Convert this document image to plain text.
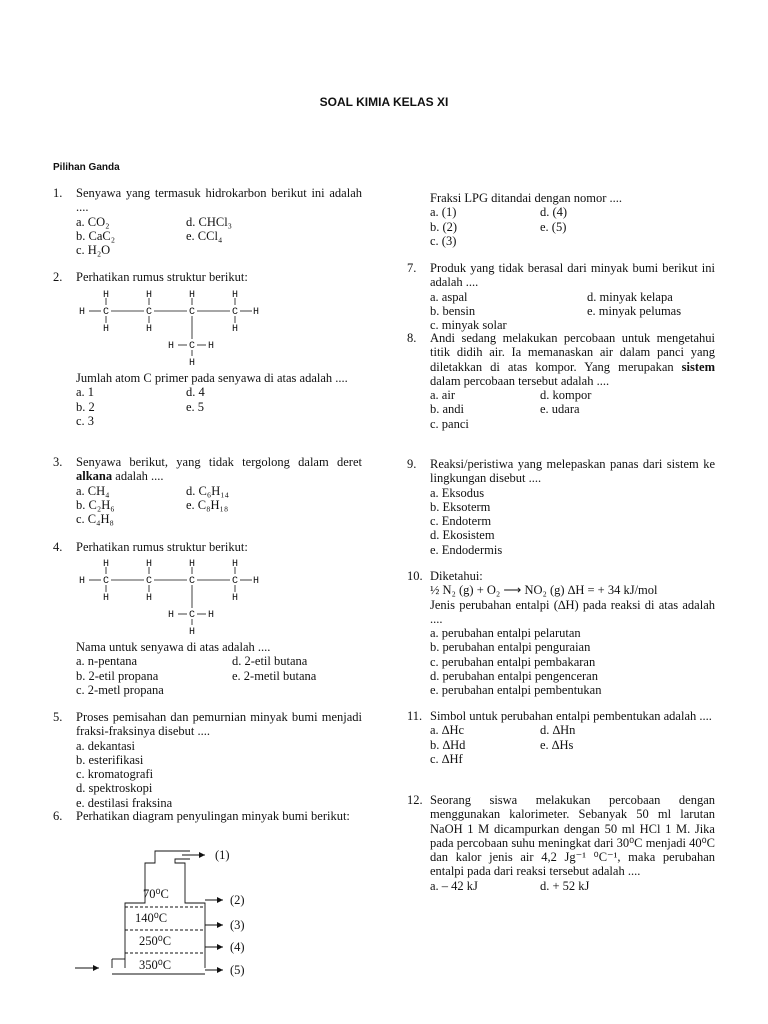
SOAL KIMIA KELAS XI
Pilihan Ganda
1. Senyawa yang termasuk hidrokarbon berikut ini adalah ....
a. CO₂	d. CHCl₃
b. CaC₂	e. CCl₄
c. H₂O
2. Perhatikan rumus struktur berikut:
H	H	H	H
H C	C	C	C H
H	H	H
H C H
H
Jumlah atom C primer pada senyawa di atas adalah ....
a. 1	d. 4
b. 2	e. 5
c. 3
3. Senyawa berikut, yang tidak tergolong dalam deret alkana adalah ....
a. CH₄	d. C₆H₁₄
b. C₂H₆	e. C₈H₁₈
c. C₄H₈
4. Perhatikan rumus struktur berikut:
H	H	H	H
H C	C	C	C H
H	H	H
H C H
H
Nama untuk senyawa di atas adalah ....
a. n-pentana	d. 2-etil butana
b. 2-etil propana	e. 2-metil butana
c. 2-metl propana
5. Proses pemisahan dan pemurnian minyak bumi menjadi fraksi-fraksinya disebut ....
a. dekantasi
b. esterifikasi
c. kromatografi
d. spektroskopi
e. destilasi fraksina
6. Perhatikan diagram penyulingan minyak bumi berikut:
70⁰C
140⁰C
250⁰C
350⁰C
(1)
(2)
(3)
(4)
(5)
Fraksi LPG ditandai dengan nomor ....
a. (1)	d. (4)
b. (2)	e. (5)
c. (3)
7. Produk yang tidak berasal dari minyak bumi berikut ini adalah ....
a. aspal	d. minyak kelapa
b. bensin	e. minyak pelumas
c. minyak solar
8. Andi sedang melakukan percobaan untuk mengetahui titik didih air. Ia memanaskan air dalam panci yang diletakkan di atas kompor. Yang merupakan sistem dalam percobaan tersebut adalah ....
a. air	d. kompor
b. andi	e. udara
c. panci
9. Reaksi/peristiwa yang melepaskan panas dari sistem ke lingkungan disebut ....
a. Eksodus
b. Eksoterm
c. Endoterm
d. Ekosistem
e. Endodermis
10. Diketahui:
½ N₂ (g) + O₂ ⟶ NO₂ (g) ∆H = + 34 kJ/mol
Jenis perubahan entalpi (∆H) pada reaksi di atas adalah ....
a. perubahan entalpi pelarutan
b. perubahan entalpi penguraian
c. perubahan entalpi pembakaran
d. perubahan entalpi pengenceran
e. perubahan entalpi pembentukan
11. Simbol untuk perubahan entalpi pembentukan adalah ....
a. ∆Hc	d. ∆Hn
b. ∆Hd	e. ∆Hs
c. ∆Hf
12. Seorang siswa melakukan percobaan dengan menggunakan kalorimeter. Sebanyak 50 ml larutan NaOH 1 M dicampurkan dengan 50 ml HCl 1 M. Jika pada percobaan suhu meningkat dari 30⁰C menjadi 40⁰C dan kalor jenis air 4,2 Jg⁻¹ ⁰C⁻¹, maka perubahan entalpi pada dari reaksi tersebut adalah ....
a. – 42 kJ	d. + 52 kJ
